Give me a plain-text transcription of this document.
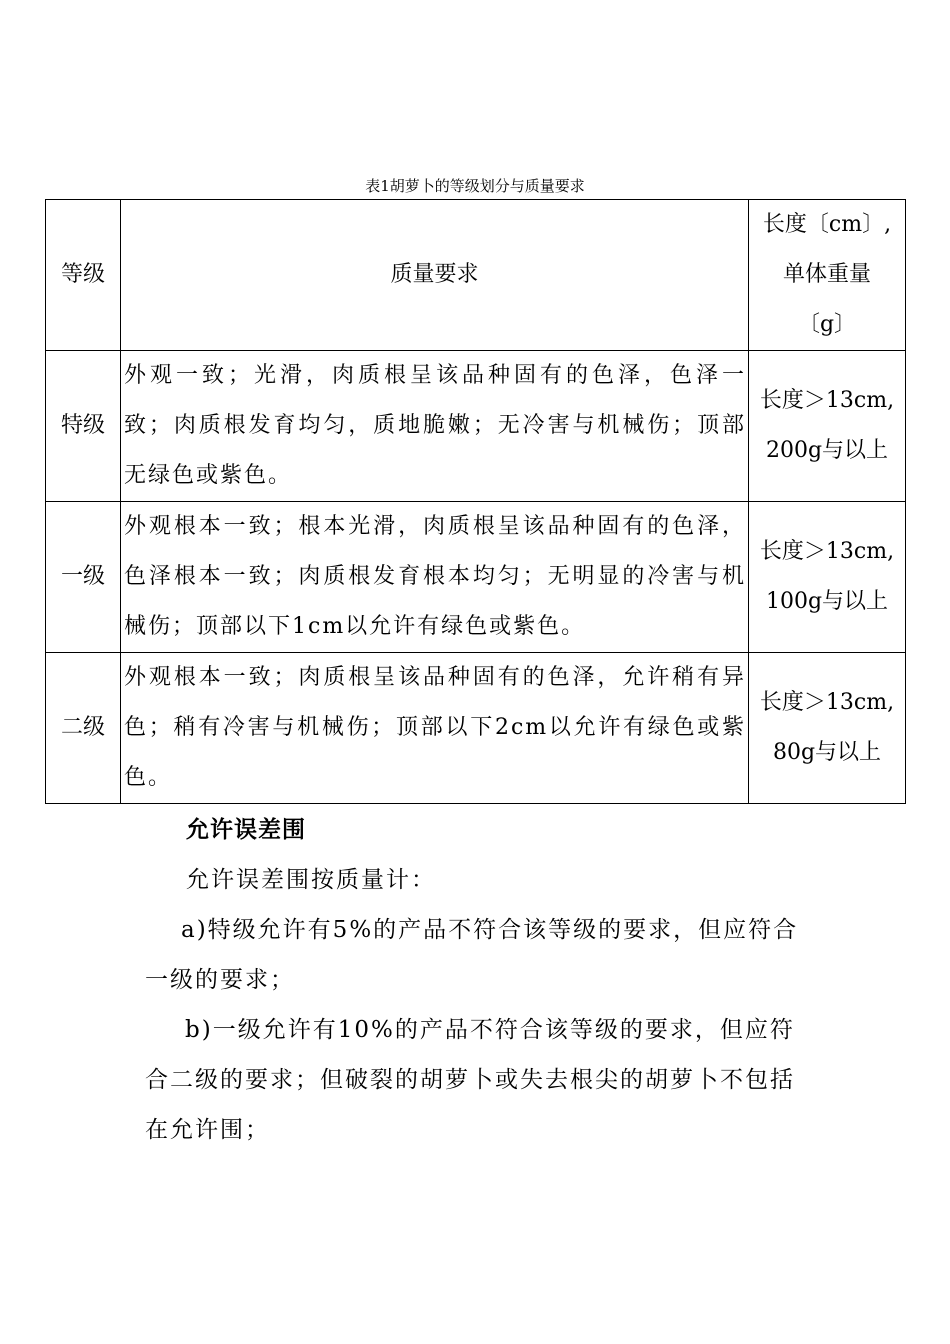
表1胡萝卜的等级划分与质量要求
等级	质量要求	长度〔cm〕,
单体重量
〔g〕

特级	外观一致；光滑，肉质根呈该品种固有的色泽，色泽一致；肉质根发育均匀，质地脆嫩；无冷害与机械伤；顶部无绿色或紫色。	长度＞13cm,
200g与以上

一级	外观根本一致；根本光滑，肉质根呈该品种固有的色泽，色泽根本一致；肉质根发育根本均匀；无明显的冷害与机械伤；顶部以下1cm以允许有绿色或紫色。	长度＞13cm,
100g与以上

二级	外观根本一致；肉质根呈该品种固有的色泽，允许稍有异色；稍有冷害与机械伤；顶部以下2cm以允许有绿色或紫色。	长度＞13cm,
80g与以上
允许误差围
允许误差围按质量计：
a)特级允许有5%的产品不符合该等级的要求，但应符合一级的要求；
b)一级允许有10%的产品不符合该等级的要求，但应符合二级的要求；但破裂的胡萝卜或失去根尖的胡萝卜不包括在允许围；
